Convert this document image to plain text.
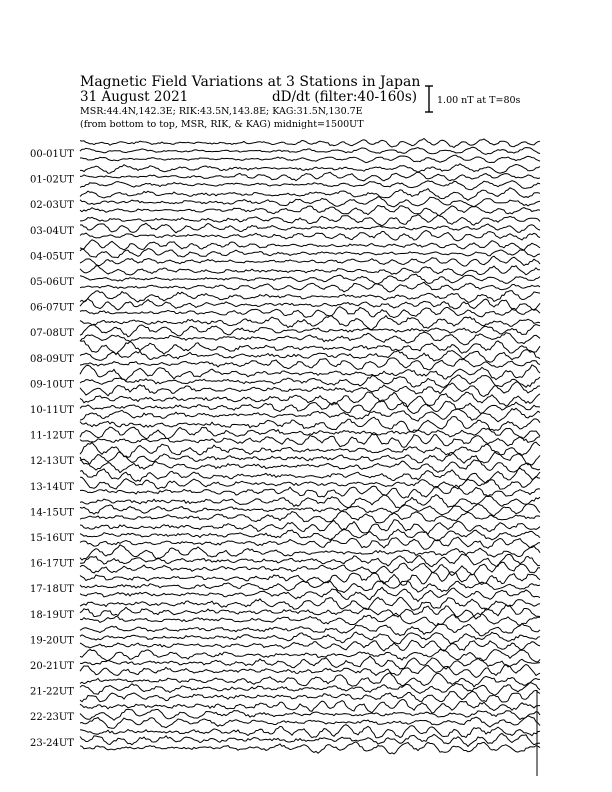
Magnetic Field Variations at 3 Stations in Japan
31 August 2021	dD/dt (filter:40-160s)
MSR:44.4N,142.3E; RIK:43.5N,143.8E; KAG:31.5N,130.7E
(from bottom to top, MSR, RIK, & KAG) midnight=1500UT
1.00 nT at T=80s
00-01UT
01-02UT
02-03UT
03-04UT
04-05UT
05-06UT
06-07UT
07-08UT
08-09UT
09-10UT
10-11UT
11-12UT
12-13UT
13-14UT
14-15UT
15-16UT
16-17UT
17-18UT
18-19UT
19-20UT
20-21UT
21-22UT
22-23UT
23-24UT
